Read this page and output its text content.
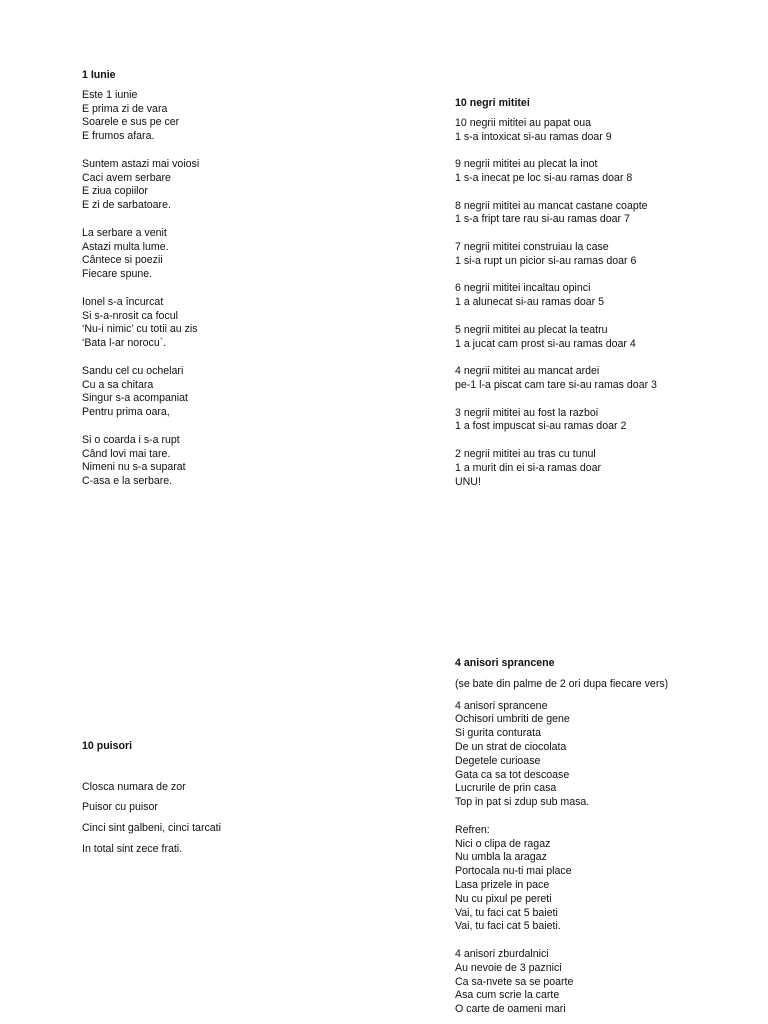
1 Iunie

Este 1 iunie

E prima zi de vara

Soarele e sus pe cer

E frumos afara.

Suntem astazi mai voiosi

Caci avem serbare

E ziua copiilor

E zi de sarbatoare.

La serbare a venit

Astazi multa lume.

Cântece si poezii

Fiecare spune.

Ionel s-a încurcat

Si s-a-nrosit ca focul

‘Nu-i nimic’ cu totii au zis

‘Bata l-ar norocu`.

Sandu cel cu ochelari

Cu a sa chitara

Singur s-a acompaniat

Pentru prima oara,

Si o coarda i s-a rupt

Când lovi mai tare.

Nimeni nu s-a suparat

C-asa e la serbare.

10 negri mititei

10 negrii mititei au papat oua

1 s-a intoxicat si-au ramas doar 9

9 negrii mititei au plecat la inot

1 s-a inecat pe loc si-au ramas doar 8

8 negrii mititei au mancat castane coapte

1 s-a fript tare rau si-au ramas doar 7

7 negrii mititei construiau la case

1 si-a rupt un picior si-au ramas doar 6

6 negrii mititei incaltau opinci

1 a alunecat si-au ramas doar 5

5 negrii mititei au plecat la teatru

1 a jucat cam prost si-au ramas doar 4

4 negrii mititei au mancat ardei

pe-1 l-a piscat cam tare si-au ramas doar 3

3 negrii mititei au fost la razboi

1 a fost impuscat si-au ramas doar 2

2 negrii mititei au tras cu tunul

1 a murit din ei si-a ramas doar

UNU!

10 puisori

Closca numara de zor

Puisor cu puisor

Cinci sint galbeni, cinci tarcati

In total sint zece frati.

4 anisori sprancene

(se bate din palme de 2 ori dupa fiecare vers)

4 anisori sprancene

Ochisori umbriti de gene

Si gurita conturata

De un strat de ciocolata

Degetele curioase

Gata ca sa tot descoase

Lucrurile de prin casa

Top in pat si zdup sub masa.

Refren:

Nici o clipa de ragaz

Nu umbla la aragaz

Portocala nu-ti mai place

Lasa prizele in pace

Nu cu pixul pe pereti

Vai, tu faci cat 5 baieti

Vai, tu faci cat 5 baieti.

4 anisori zburdalnici

Au nevoie de 3 paznici

Ca sa-nvete sa se poarte

Asa cum scrie la carte

O carte de oameni mari
